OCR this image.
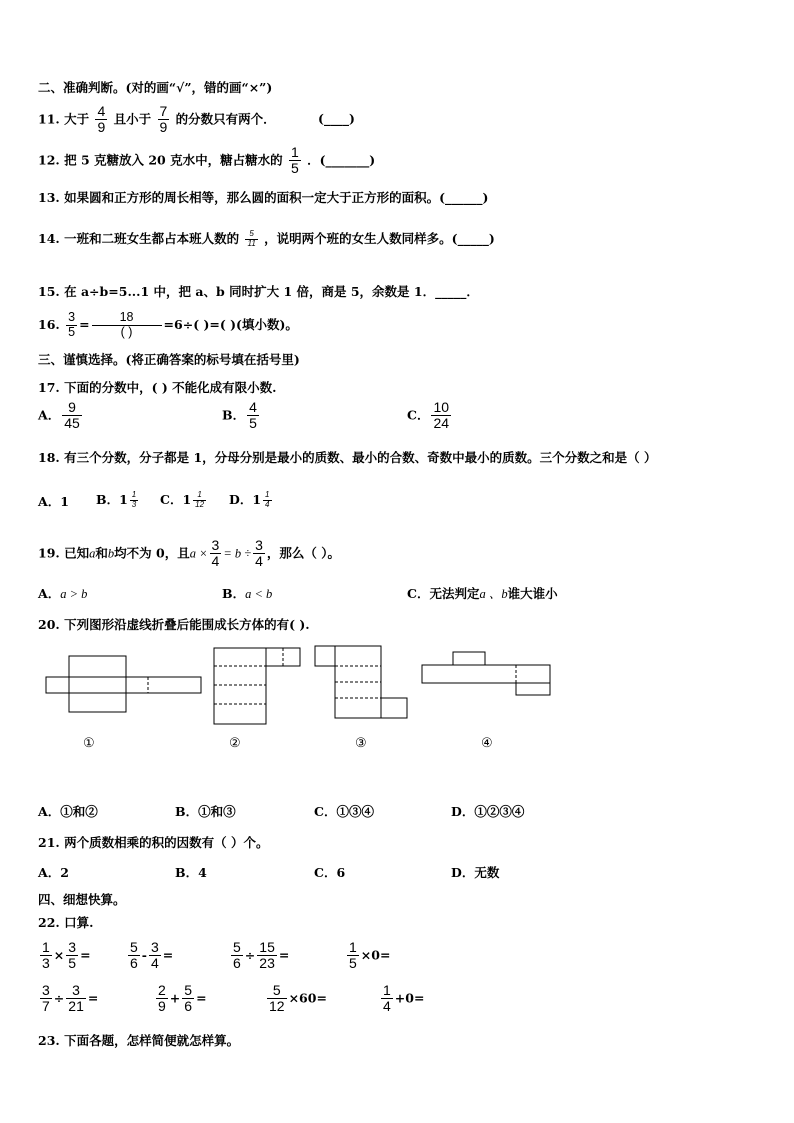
二、准确判断。(对的画“√”，错的画“×”)
11. 大于 $\frac{4}{9}$ 且小于 $\frac{7}{9}$ 的分数只有两个．	(____)
12. 把 5 克糖放入 20 克水中，糖占糖水的 $\frac{1}{5}$ ．(_______)
13. 如果圆和正方形的周长相等，那么圆的面积一定大于正方形的面积。(______)
14. 一班和二班女生都占本班人数的 $\frac{5}{11}$ ，说明两个班的女生人数同样多。(_____)
15. 在 a÷b=5...1 中，把 a、b 同时扩大 1 倍，商是 5，余数是 1．_____．
16. $\frac{3}{5}$ =	18
( )	=6÷( )=( )(填小数)。
三、谨慎选择。(将正确答案的标号填在括号里)
17. 下面的分数中，( ) 不能化成有限小数.
A． $\frac{9}{45}$	B． $\frac{4}{5}$	C． $\frac{10}{24}$
18. 有三个分数，分子都是 1，分母分别是最小的质数、最小的合数、奇数中最小的质数。三个分数之和是（ ）
A．1 B．$1 \frac{1}{3}$ C．$1 \frac{1}{12}$ D．$1 \frac{1}{4}$
19. 已知a和b均不为 0，且$a \times \frac{3}{4} = b \div \frac{3}{4}$ ，那么（ ）。
A．a > b	B．a < b	C．无法判定a 、b谁大谁小
20. 下列图形沿虚线折叠后能围成长方体的有( ).
①	②	③	④
A．①和②	B．①和③	C．①③④	D．①②③④
21. 两个质数相乘的积的因数有（ ）个。
A．2	B．4	C．6	D．无数
四、细想快算。
22. 口算.
$\frac{1}{3} \times \frac{3}{5}$ =	$\frac{5}{6} - \frac{3}{4}$ =	$\frac{5}{6} \div \frac{15}{23}$ =	$\frac{1}{5} \times 0=$
$\frac{3}{7} \div \frac{3}{21}$ =	$\frac{2}{9} + \frac{5}{6}$ =	$\frac{5}{12} \times 60=$	$\frac{1}{4} +0=$
23. 下面各题，怎样简便就怎样算。
